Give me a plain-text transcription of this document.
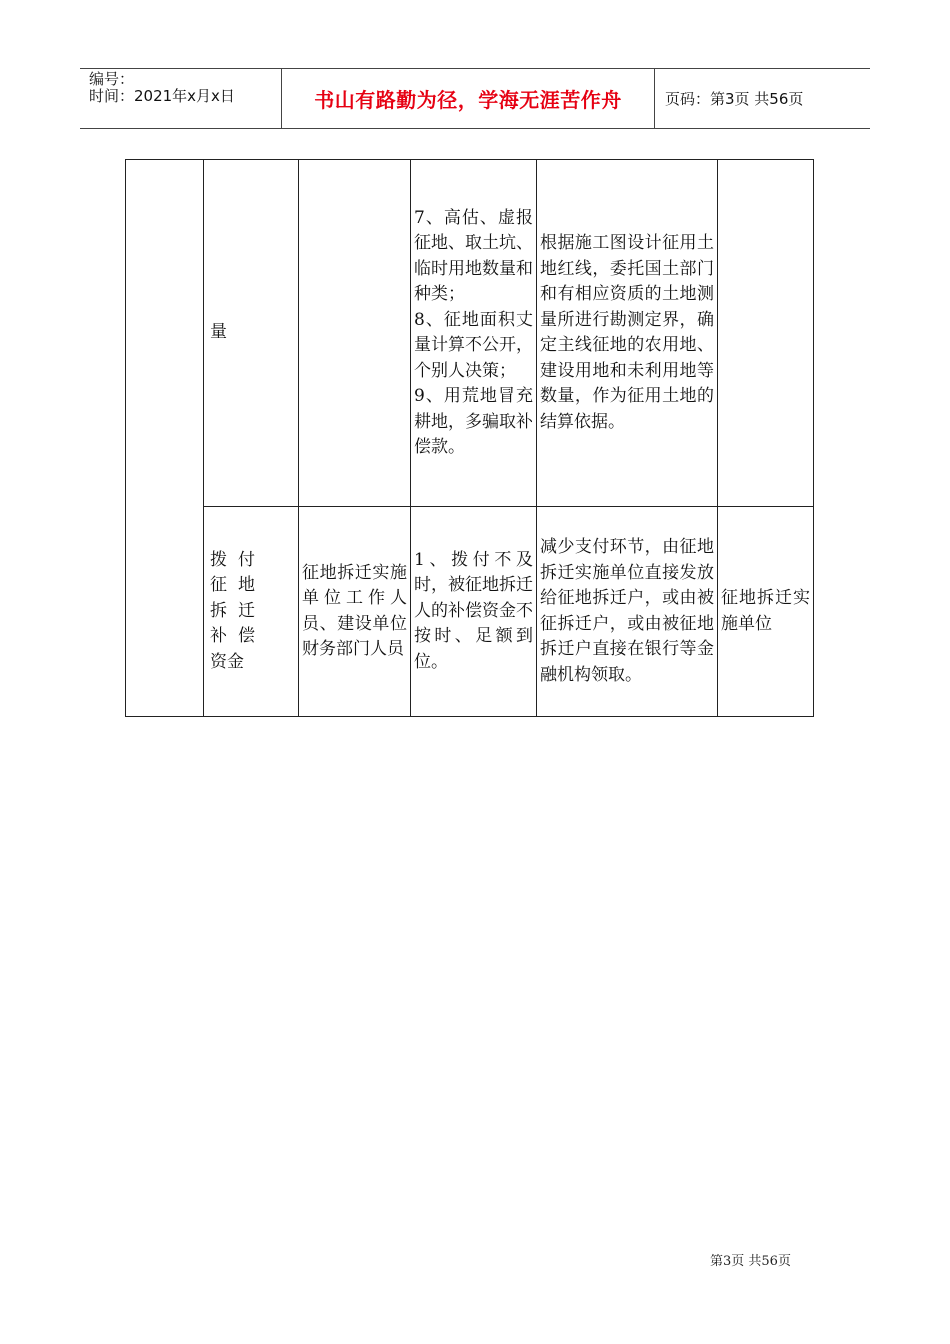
编号：
时间：2021年x月x日	书山有路勤为径，学海无涯苦作舟	页码：第3页 共56页
	量		7、高估、虚报征地、取土坑、临时用地数量和种类；
8、征地面积丈量计算不公开，个别人决策；
9、用荒地冒充耕地，多骗取补偿款。	根据施工图设计征用土地红线，委托国土部门和有相应资质的土地测量所进行勘测定界，确定主线征地的农用地、建设用地和未利用地等数量，作为征用土地的结算依据。	

	拨付征地拆迁补偿资金	征地拆迁实施单位工作人员、建设单位财务部门人员	1、拨付不及时，被征地拆迁人的补偿资金不按时、足额到位。	减少支付环节，由征地拆迁实施单位直接发放给征地拆迁户，或由被征拆迁户，或由被征地拆迁户直接在银行等金融机构领取。	征地拆迁实施单位
第3页 共56页
